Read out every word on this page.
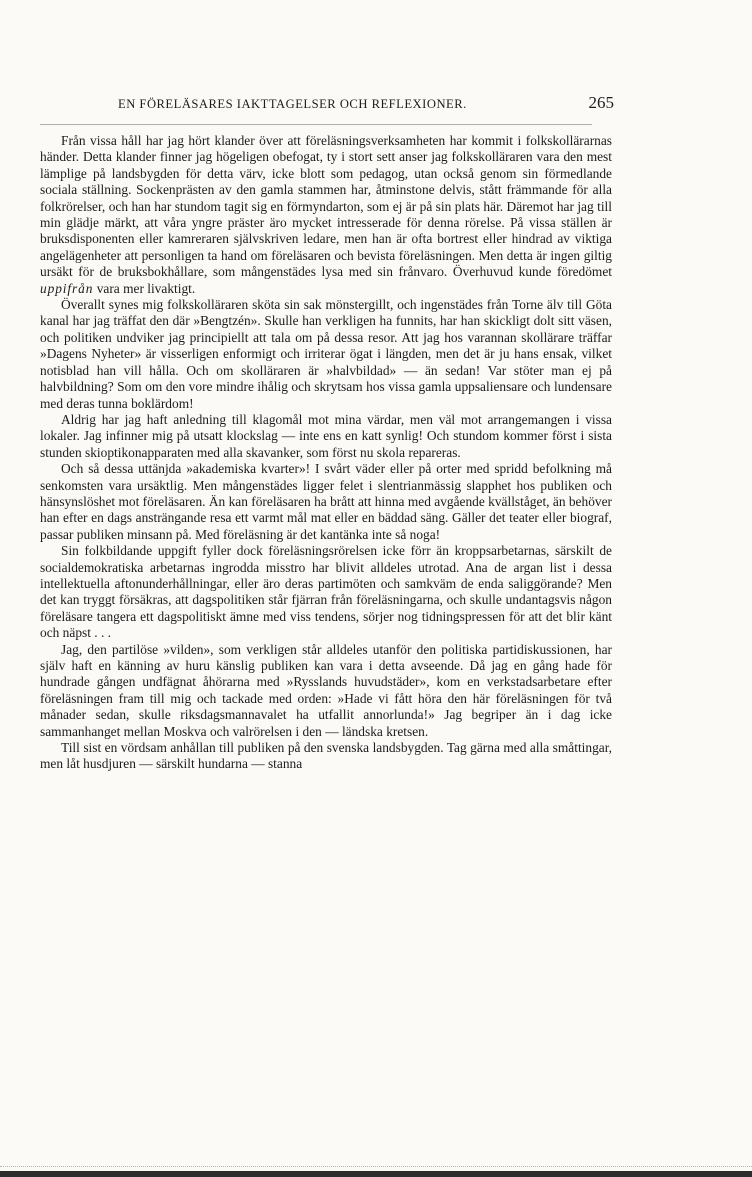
EN FÖRELÄSARES IAKTTAGELSER OCH REFLEXIONER.	265

Från vissa håll har jag hört klander över att föreläsningsverksamheten har kommit i folkskollärarnas händer. Detta klander finner jag högeligen obefogat, ty i stort sett anser jag folkskolläraren vara den mest lämplige på landsbygden för detta värv, icke blott som pedagog, utan också genom sin förmedlande sociala ställning. Sockenprästen av den gamla stammen har, åtminstone delvis, stått främmande för alla folkrörelser, och han har stundom tagit sig en förmyndarton, som ej är på sin plats här. Däremot har jag till min glädje märkt, att våra yngre präster äro mycket intresserade för denna rörelse. På vissa ställen är bruksdisponenten eller kamreraren självskriven ledare, men han är ofta bortrest eller hindrad av viktiga angelägenheter att personligen ta hand om föreläsaren och bevista föreläsningen. Men detta är ingen giltig ursäkt för de bruksbokhållare, som mångenstädes lysa med sin frånvaro. Överhuvud kunde föredömet uppifrån vara mer livaktigt.

Överallt synes mig folkskolläraren sköta sin sak mönstergillt, och ingenstädes från Torne älv till Göta kanal har jag träffat den där »Bengtzén». Skulle han verkligen ha funnits, har han skickligt dolt sitt väsen, och politiken undviker jag principiellt att tala om på dessa resor. Att jag hos varannan skollärare träffar »Dagens Nyheter» är visserligen enformigt och irriterar ögat i längden, men det är ju hans ensak, vilket notisblad han vill hålla. Och om skolläraren är »halvbildad» — än sedan! Var stöter man ej på halvbildning? Som om den vore mindre ihålig och skrytsam hos vissa gamla uppsaliensare och lundensare med deras tunna boklärdom!

Aldrig har jag haft anledning till klagomål mot mina värdar, men väl mot arrangemangen i vissa lokaler. Jag infinner mig på utsatt klockslag — inte ens en katt synlig! Och stundom kommer först i sista stunden skioptikonapparaten med alla skavanker, som först nu skola repareras.

Och så dessa uttänjda »akademiska kvarter»! I svårt väder eller på orter med spridd befolkning må senkomsten vara ursäktlig. Men mångenstädes ligger felet i slentrianmässig slapphet hos publiken och hänsynslöshet mot föreläsaren. Än kan föreläsaren ha brått att hinna med avgående kvällståget, än behöver han efter en dags ansträngande resa ett varmt mål mat eller en bäddad säng. Gäller det teater eller biograf, passar publiken minsann på. Med föreläsning är det kantänka inte så noga!

Sin folkbildande uppgift fyller dock föreläsningsrörelsen icke förr än kroppsarbetarnas, särskilt de socialdemokratiska arbetarnas ingrodda misstro har blivit alldeles utrotad. Ana de argan list i dessa intellektuella aftonunderhållningar, eller äro deras partimöten och samkväm de enda saliggörande? Men det kan tryggt försäkras, att dagspolitiken står fjärran från föreläsningarna, och skulle undantagsvis någon föreläsare tangera ett dagspolitiskt ämne med viss tendens, sörjer nog tidningspressen för att det blir känt och näpst . . .

Jag, den partilöse »vilden», som verkligen står alldeles utanför den politiska partidiskussionen, har själv haft en känning av huru känslig publiken kan vara i detta avseende. Då jag en gång hade för hundrade gången undfägnat åhörarna med »Rysslands huvudstäder», kom en verkstadsarbetare efter föreläsningen fram till mig och tackade med orden: »Hade vi fått höra den här föreläsningen för två månader sedan, skulle riksdagsmannavalet ha utfallit annorlunda!» Jag begriper än i dag icke sammanhanget mellan Moskva och valrörelsen i den — ländska kretsen.

Till sist en vördsam anhållan till publiken på den svenska landsbygden. Tag gärna med alla småttingar, men låt husdjuren — särskilt hundarna — stanna
